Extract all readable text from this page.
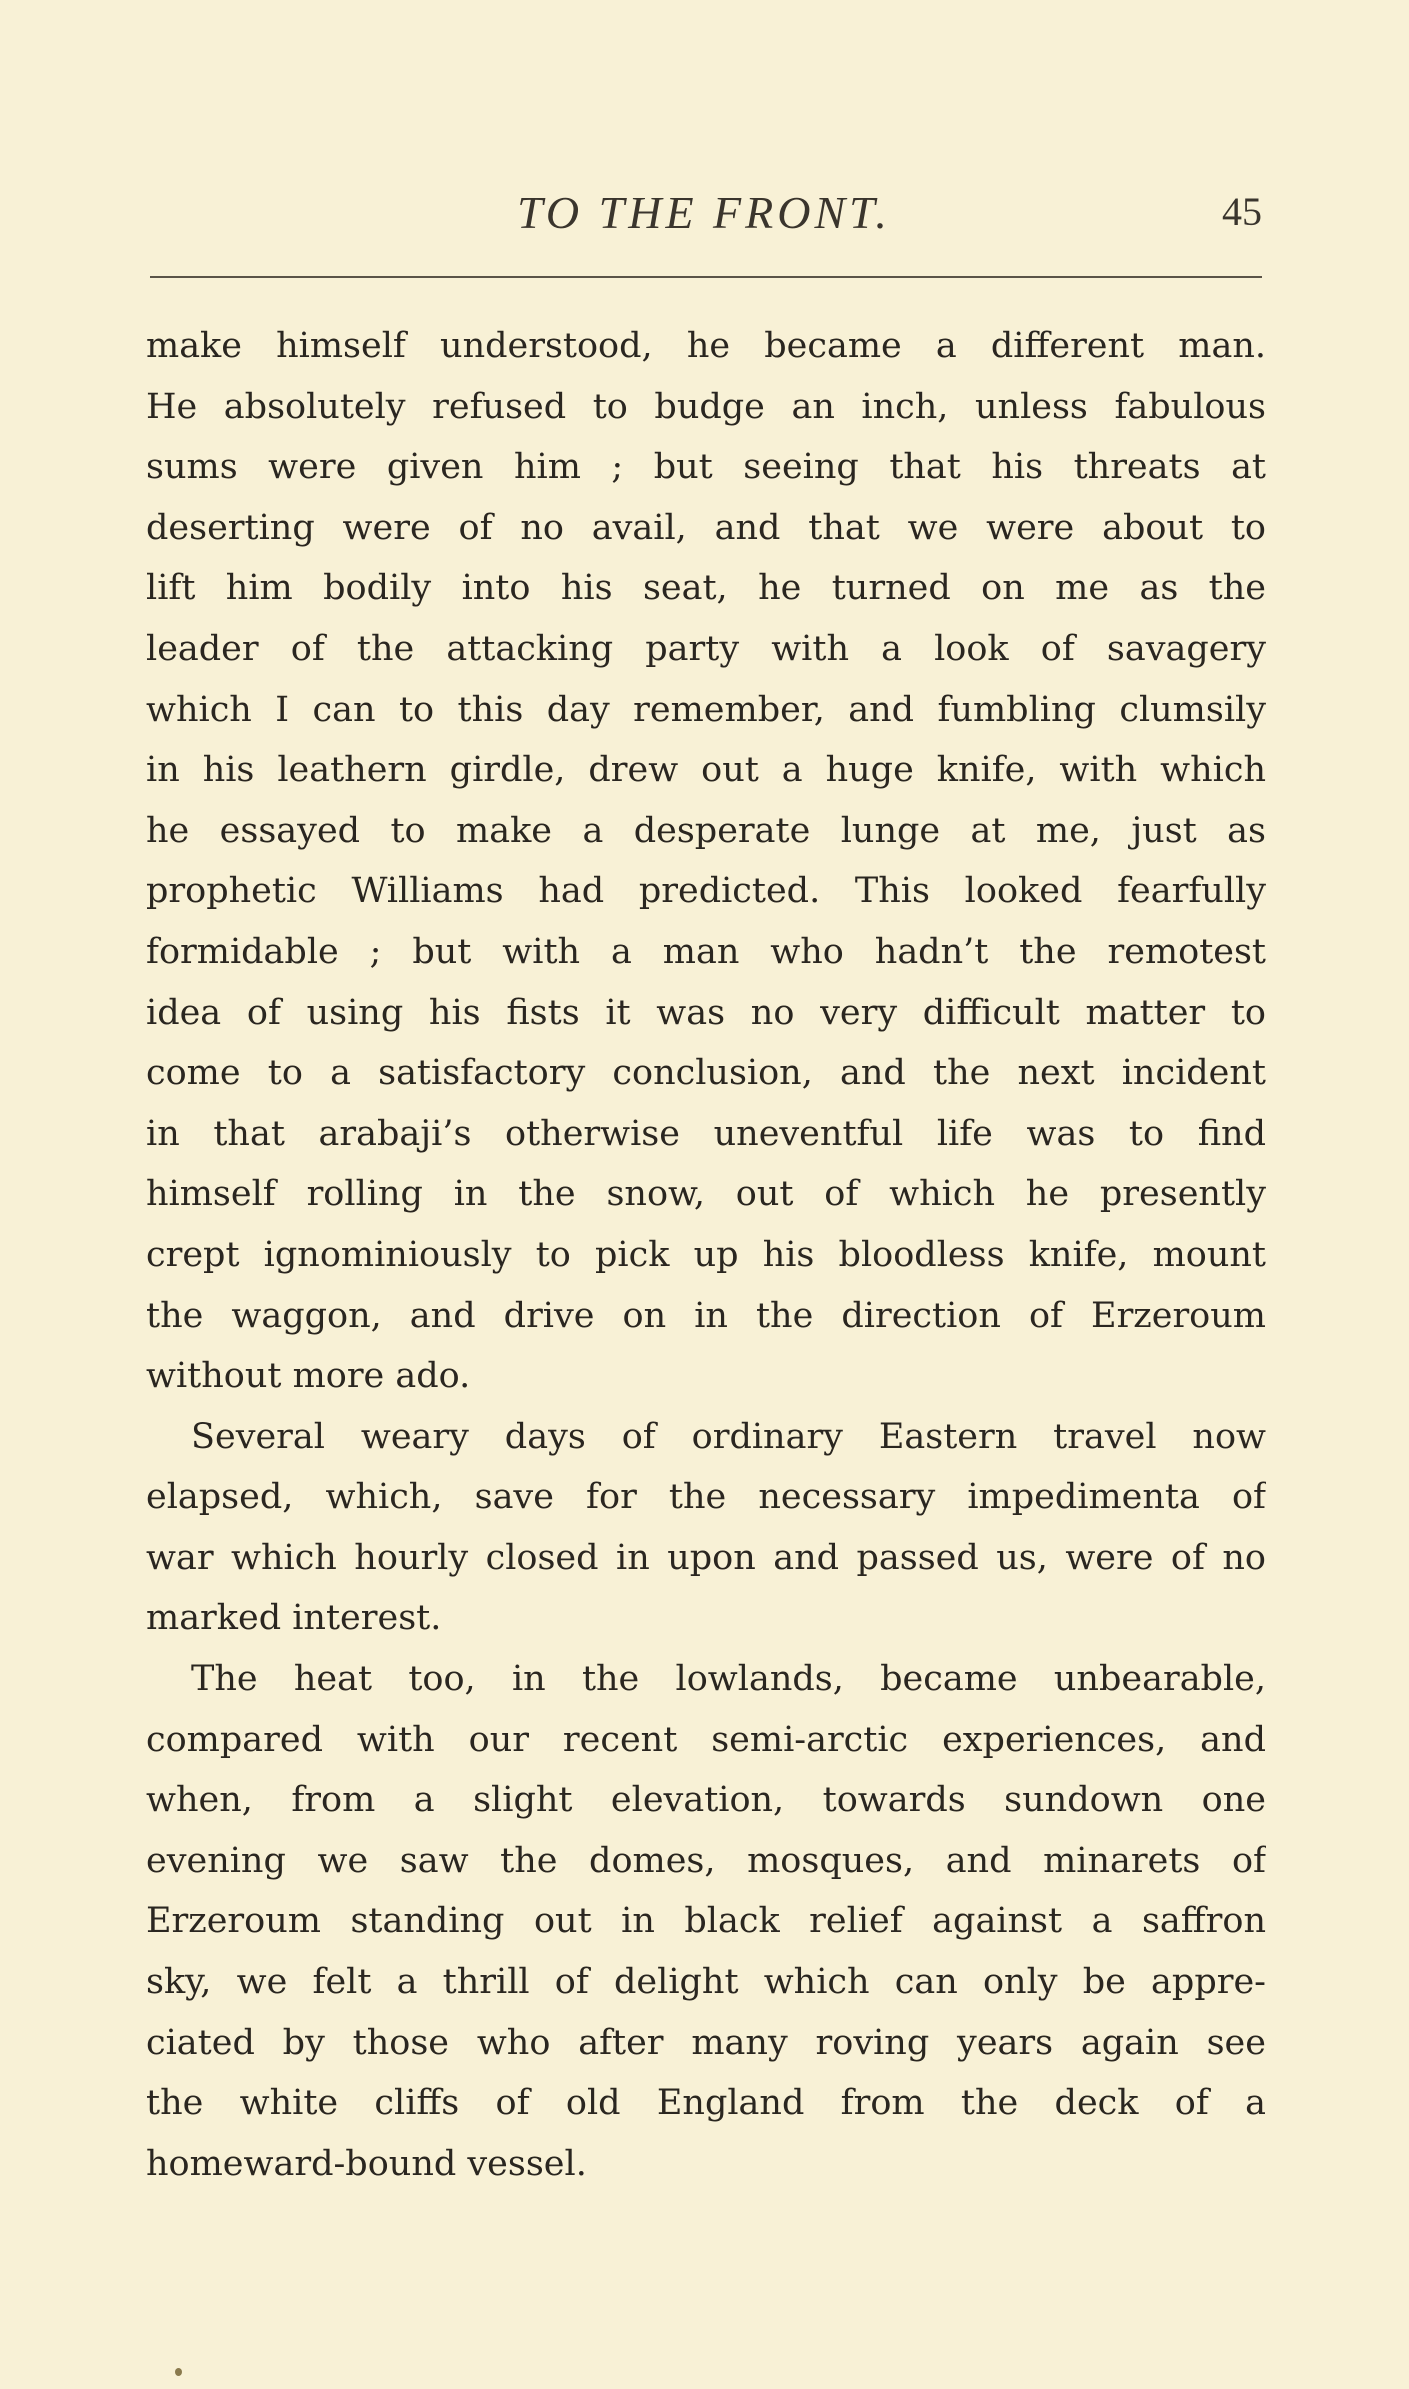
TO THE FRONT.	45
make himself understood, he became a different man.
He absolutely refused to budge an inch, unless fabulous
sums were given him ; but seeing that his threats at
deserting were of no avail, and that we were about to
lift him bodily into his seat, he turned on me as the
leader of the attacking party with a look of savagery
which I can to this day remember, and fumbling clumsily
in his leathern girdle, drew out a huge knife, with which
he essayed to make a desperate lunge at me, just as
prophetic Williams had predicted. This looked fearfully
formidable ; but with a man who hadn’t the remotest
idea of using his fists it was no very difficult matter to
come to a satisfactory conclusion, and the next incident
in that arabaji’s otherwise uneventful life was to find
himself rolling in the snow, out of which he presently
crept ignominiously to pick up his bloodless knife, mount
the waggon, and drive on in the direction of Erzeroum
without more ado.
Several weary days of ordinary Eastern travel now
elapsed, which, save for the necessary impedimenta of
war which hourly closed in upon and passed us, were of no
marked interest.
The heat too, in the lowlands, became unbearable,
compared with our recent semi-arctic experiences, and
when, from a slight elevation, towards sundown one
evening we saw the domes, mosques, and minarets of
Erzeroum standing out in black relief against a saffron
sky, we felt a thrill of delight which can only be appre-
ciated by those who after many roving years again see
the white cliffs of old England from the deck of a
homeward-bound vessel.
